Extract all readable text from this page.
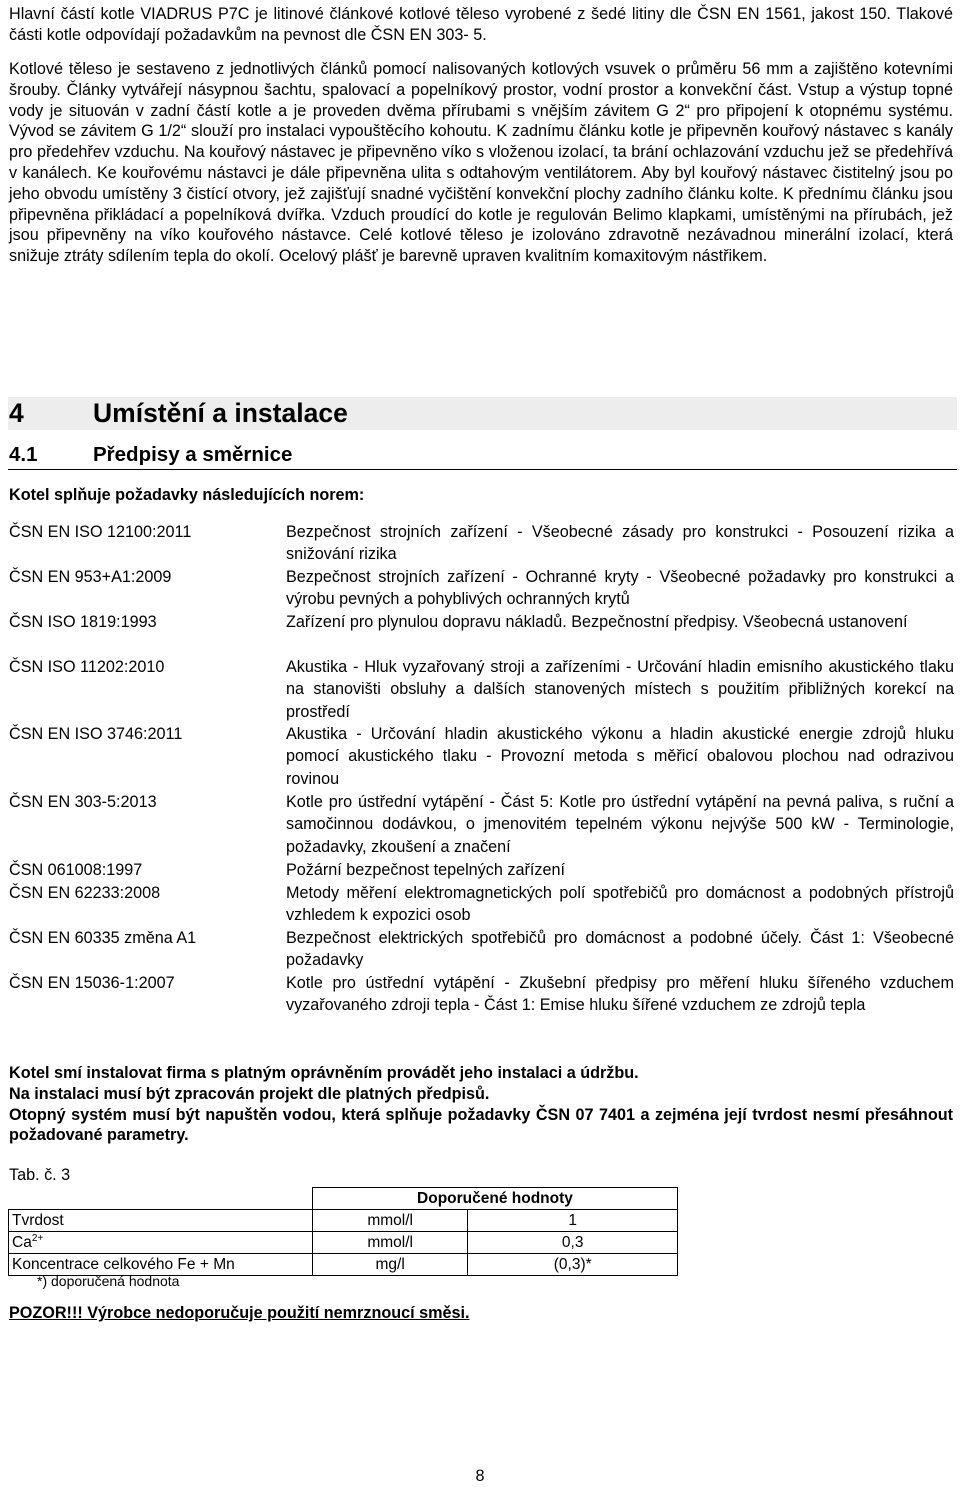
Hlavní částí kotle VIADRUS P7C je litinové článkové kotlové těleso vyrobené z šedé litiny dle ČSN EN 1561, jakost 150. Tlakové části kotle odpovídají požadavkům na pevnost dle ČSN EN 303- 5.
Kotlové těleso je sestaveno z jednotlivých článků pomocí nalisovaných kotlových vsuvek o průměru 56 mm a zajištěno kotevními šrouby. Články vytvářejí násypnou šachtu, spalovací a popelníkový prostor, vodní prostor a konvekční část. Vstup a výstup topné vody je situován v zadní částí kotle a je proveden dvěma přírubami s vnějším závitem G 2“ pro připojení k otopnému systému. Vývod se závitem G 1/2“ slouží pro instalaci vypouštěcího kohoutu. K zadnímu článku kotle je připevněn kouřový nástavec s kanály pro předehřev vzduchu. Na kouřový nástavec je připevněno víko s vloženou izolací, ta brání ochlazování vzduchu jež se předehřívá v kanálech. Ke kouřovému nástavci je dále připevněna ulita s odtahovým ventilátorem. Aby byl kouřový nástavec čistitelný jsou po jeho obvodu umístěny 3 čistící otvory, jež zajišťují snadné vyčištění konvekční plochy zadního článku kolte. K přednímu článku jsou připevněna přikládací a popelníková dvířka. Vzduch proudící do kotle je regulován Belimo klapkami, umístěnými na přírubách, jež jsou připevněny na víko kouřového nástavce. Celé kotlové těleso je izolováno zdravotně nezávadnou minerální izolací, která snižuje ztráty sdílením tepla do okolí. Ocelový plášť je barevně upraven kvalitním komaxitovým nástřikem.
4	Umístění a instalace
4.1	Předpisy a směrnice
Kotel splňuje požadavky následujících norem:
ČSN EN ISO 12100:2011	Bezpečnost strojních zařízení - Všeobecné zásady pro konstrukci - Posouzení rizika a snižování rizika
ČSN EN 953+A1:2009	Bezpečnost strojních zařízení - Ochranné kryty - Všeobecné požadavky pro konstrukci a výrobu pevných a pohyblivých ochranných krytů
ČSN ISO 1819:1993	Zařízení pro plynulou dopravu nákladů. Bezpečnostní předpisy. Všeobecná ustanovení
ČSN ISO 11202:2010	Akustika - Hluk vyzařovaný stroji a zařízeními - Určování hladin emisního akustického tlaku na stanovišti obsluhy a dalších stanovených místech s použitím přibližných korekcí na prostředí
ČSN EN ISO 3746:2011	Akustika - Určování hladin akustického výkonu a hladin akustické energie zdrojů hluku pomocí akustického tlaku - Provozní metoda s měřicí obalovou plochou nad odrazivou rovinou
ČSN EN 303-5:2013	Kotle pro ústřední vytápění - Část 5: Kotle pro ústřední vytápění na pevná paliva, s ruční a samočinnou dodávkou, o jmenovitém tepelném výkonu nejvýše 500 kW - Terminologie, požadavky, zkoušení a značení
ČSN 061008:1997	Požární bezpečnost tepelných zařízení
ČSN EN 62233:2008	Metody měření elektromagnetických polí spotřebičů pro domácnost a podobných přístrojů vzhledem k expozici osob
ČSN EN 60335 změna A1	Bezpečnost elektrických spotřebičů pro domácnost a podobné účely. Část 1: Všeobecné požadavky
ČSN EN 15036-1:2007	Kotle pro ústřední vytápění - Zkušební předpisy pro měření hluku šířeného vzduchem vyzařovaného zdroji tepla - Část 1: Emise hluku šířené vzduchem ze zdrojů tepla
Kotel smí instalovat firma s platným oprávněním provádět jeho instalaci a údržbu.
Na instalaci musí být zpracován projekt dle platných předpisů.
Otopný systém musí být napuštěn vodou, která splňuje požadavky ČSN 07 7401 a zejména její tvrdost nesmí přesáhnout požadované parametry.
Tab. č. 3
	Doporučené hodnoty	
Tvrdost	mmol/l	1
$Ca^{2+}$	mmol/l	0,3
Koncentrace celkového Fe + Mn	mg/l	(0,3)*
*) doporučená hodnota
POZOR!!! Výrobce nedoporučuje použití nemrznoucí směsi.
8
